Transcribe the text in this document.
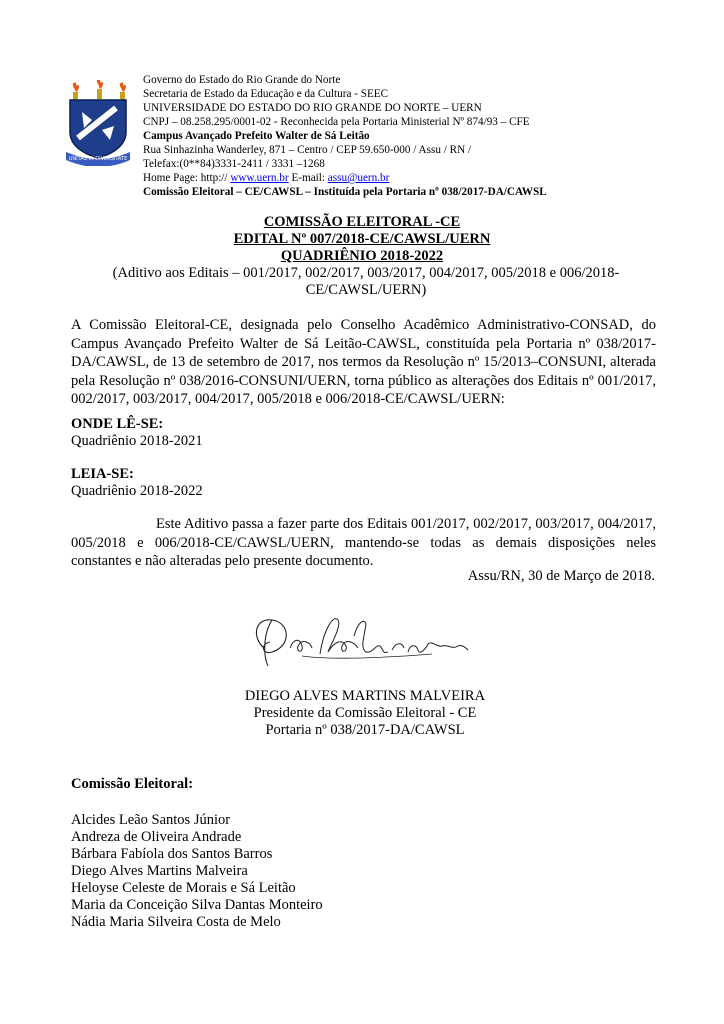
UNITAS IN DIVERSITATE
Governo do Estado do Rio Grande do Norte
Secretaria de Estado da Educação e da Cultura - SEEC
UNIVERSIDADE DO ESTADO DO RIO GRANDE DO NORTE – UERN
CNPJ – 08.258.295/0001-02 - Reconhecida pela Portaria Ministerial Nº 874/93 – CFE
Campus Avançado Prefeito Walter de Sá Leitão
Rua Sinhazinha Wanderley, 871 – Centro / CEP 59.650-000 / Assu / RN /
Telefax:(0**84)3331-2411 / 3331 –1268
Home Page: http:// www.uern.br E-mail: assu@uern.br
Comissão Eleitoral – CE/CAWSL – Instituída pela Portaria nº 038/2017-DA/CAWSL
COMISSÃO ELEITORAL -CE
EDITAL Nº 007/2018-CE/CAWSL/UERN
QUADRIÊNIO 2018-2022
(Aditivo aos Editais – 001/2017, 002/2017, 003/2017, 004/2017, 005/2018 e 006/2018-CE/CAWSL/UERN)
A Comissão Eleitoral-CE, designada pelo Conselho Acadêmico Administrativo-CONSAD, do Campus Avançado Prefeito Walter de Sá Leitão-CAWSL, constituída pela Portaria nº 038/2017-DA/CAWSL, de 13 de setembro de 2017, nos termos da Resolução nº 15/2013–CONSUNI, alterada pela Resolução nº 038/2016-CONSUNI/UERN, torna público as alterações dos Editais nº 001/2017, 002/2017, 003/2017, 004/2017, 005/2018 e 006/2018-CE/CAWSL/UERN:
ONDE LÊ-SE:
Quadriênio 2018-2021
LEIA-SE:
Quadriênio 2018-2022
Este Aditivo passa a fazer parte dos Editais 001/2017, 002/2017, 003/2017, 004/2017, 005/2018 e 006/2018-CE/CAWSL/UERN, mantendo-se todas as demais disposições neles constantes e não alteradas pelo presente documento.
Assu/RN, 30 de Março de 2018.
DIEGO ALVES MARTINS MALVEIRA
Presidente da Comissão Eleitoral - CE
Portaria nº 038/2017-DA/CAWSL
Comissão Eleitoral:
Alcides Leão Santos Júnior
Andreza de Oliveira Andrade
Bárbara Fabíola dos Santos Barros
Diego Alves Martins Malveira
Heloyse Celeste de Morais e Sá Leitão
Maria da Conceição Silva Dantas Monteiro
Nádia Maria Silveira Costa de Melo
